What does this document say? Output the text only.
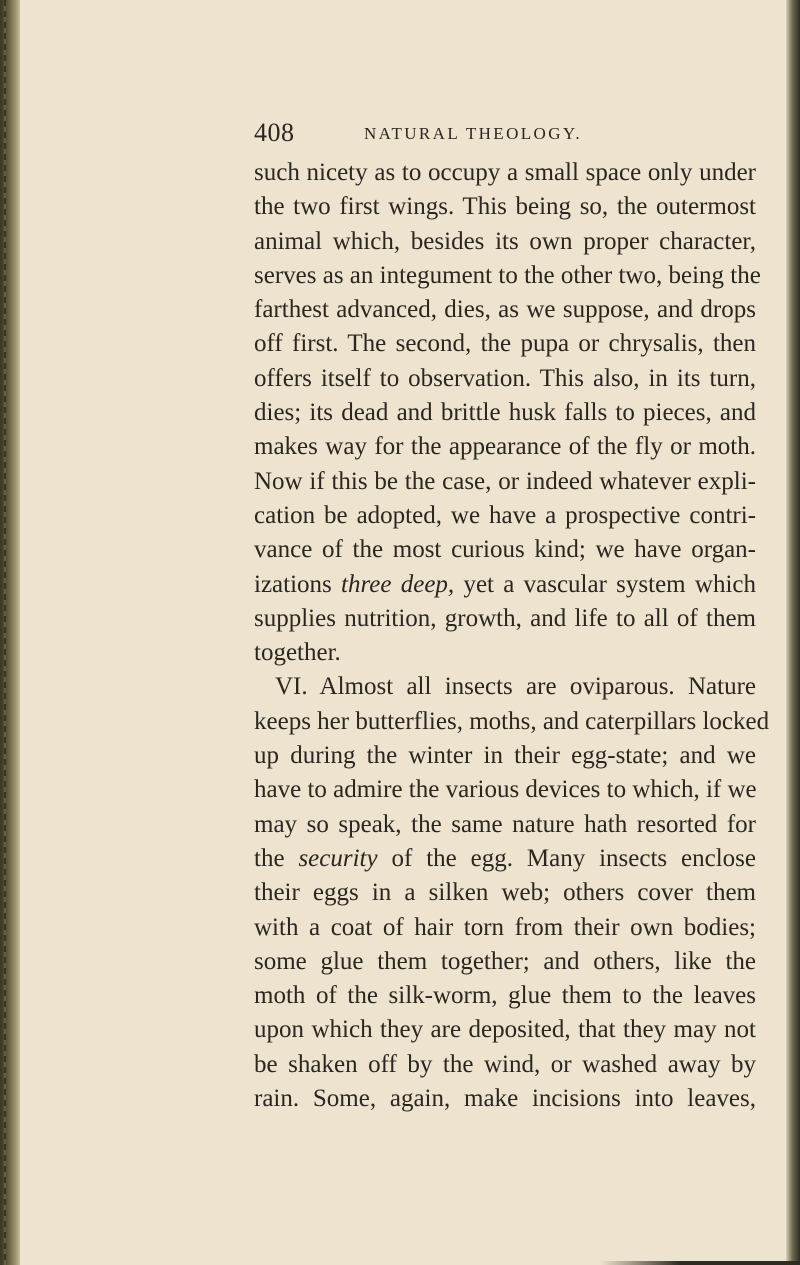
408	NATURAL THEOLOGY.
such nicety as to occupy a small space only under
the two first wings. This being so, the outermost
animal which, besides its own proper character,
serves as an integument to the other two, being the
farthest advanced, dies, as we suppose, and drops
off first. The second, the pupa or chrysalis, then
offers itself to observation. This also, in its turn,
dies; its dead and brittle husk falls to pieces, and
makes way for the appearance of the fly or moth.
Now if this be the case, or indeed whatever expli-
cation be adopted, we have a prospective contri-
vance of the most curious kind; we have organ-
izations three deep, yet a vascular system which
supplies nutrition, growth, and life to all of them
together.
VI. Almost all insects are oviparous. Nature
keeps her butterflies, moths, and caterpillars locked
up during the winter in their egg-state; and we
have to admire the various devices to which, if we
may so speak, the same nature hath resorted for
the security of the egg. Many insects enclose
their eggs in a silken web; others cover them
with a coat of hair torn from their own bodies;
some glue them together; and others, like the
moth of the silk-worm, glue them to the leaves
upon which they are deposited, that they may not
be shaken off by the wind, or washed away by
rain. Some, again, make incisions into leaves,
